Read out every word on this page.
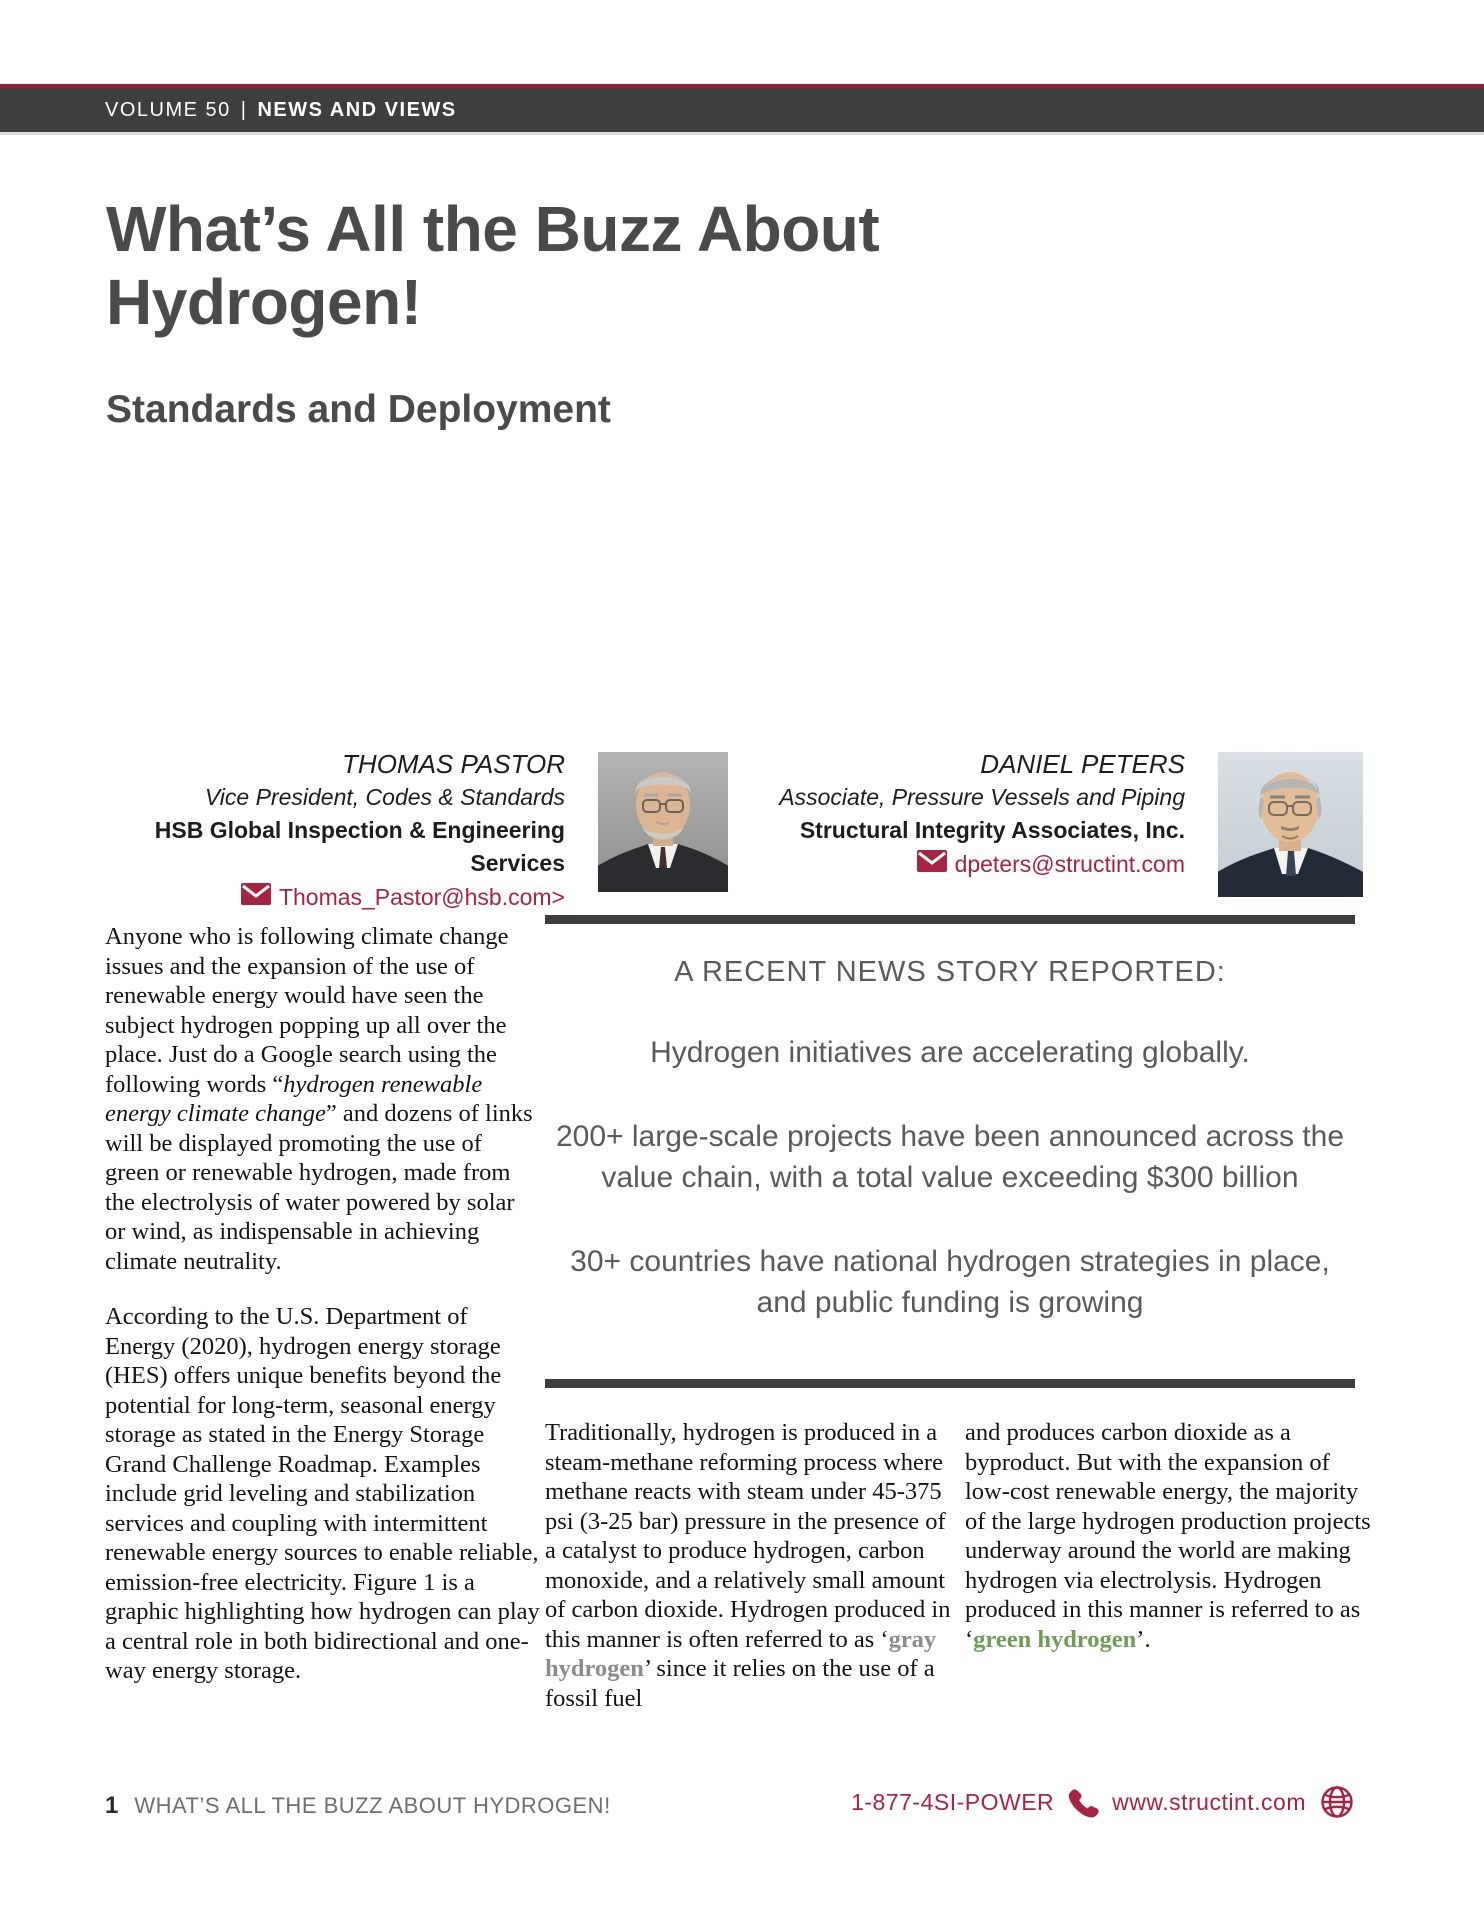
VOLUME 50 | NEWS AND VIEWS
What’s All the Buzz About
Hydrogen!
Standards and Deployment
THOMAS PASTOR
Vice President, Codes & Standards
HSB Global Inspection & Engineering Services
Thomas_Pastor@hsb.com>
DANIEL PETERS
Associate, Pressure Vessels and Piping
Structural Integrity Associates, Inc.
dpeters@structint.com

Anyone who is following climate change issues and the expansion of the use of renewable energy would have seen the subject hydrogen popping up all over the place. Just do a Google search using the following words “hydrogen renewable energy climate change” and dozens of links will be displayed promoting the use of green or renewable hydrogen, made from the electrolysis of water powered by solar or wind, as indispensable in achieving climate neutrality.

According to the U.S. Department of Energy (2020), hydrogen energy storage (HES) offers unique benefits beyond the potential for long-term, seasonal energy storage as stated in the Energy Storage Grand Challenge Roadmap. Examples include grid leveling and stabilization services and coupling with intermittent renewable energy sources to enable reliable, emission-free electricity. Figure 1 is a graphic highlighting how hydrogen can play a central role in both bidirectional and one-way energy storage.

A RECENT NEWS STORY REPORTED:
Hydrogen initiatives are accelerating globally.
200+ large-scale projects have been announced across the value chain, with a total value exceeding $300 billion
30+ countries have national hydrogen strategies in place, and public funding is growing

Traditionally, hydrogen is produced in a steam-methane reforming process where methane reacts with steam under 45-375 psi (3-25 bar) pressure in the presence of a catalyst to produce hydrogen, carbon monoxide, and a relatively small amount of carbon dioxide. Hydrogen produced in this manner is often referred to as ‘gray hydrogen’ since it relies on the use of a fossil fuel

and produces carbon dioxide as a byproduct. But with the expansion of low-cost renewable energy, the majority of the large hydrogen production projects underway around the world are making hydrogen via electrolysis. Hydrogen produced in this manner is referred to as ‘green hydrogen’.

1 WHAT’S ALL THE BUZZ ABOUT HYDROGEN!	1-877-4SI-POWER	www.structint.com
